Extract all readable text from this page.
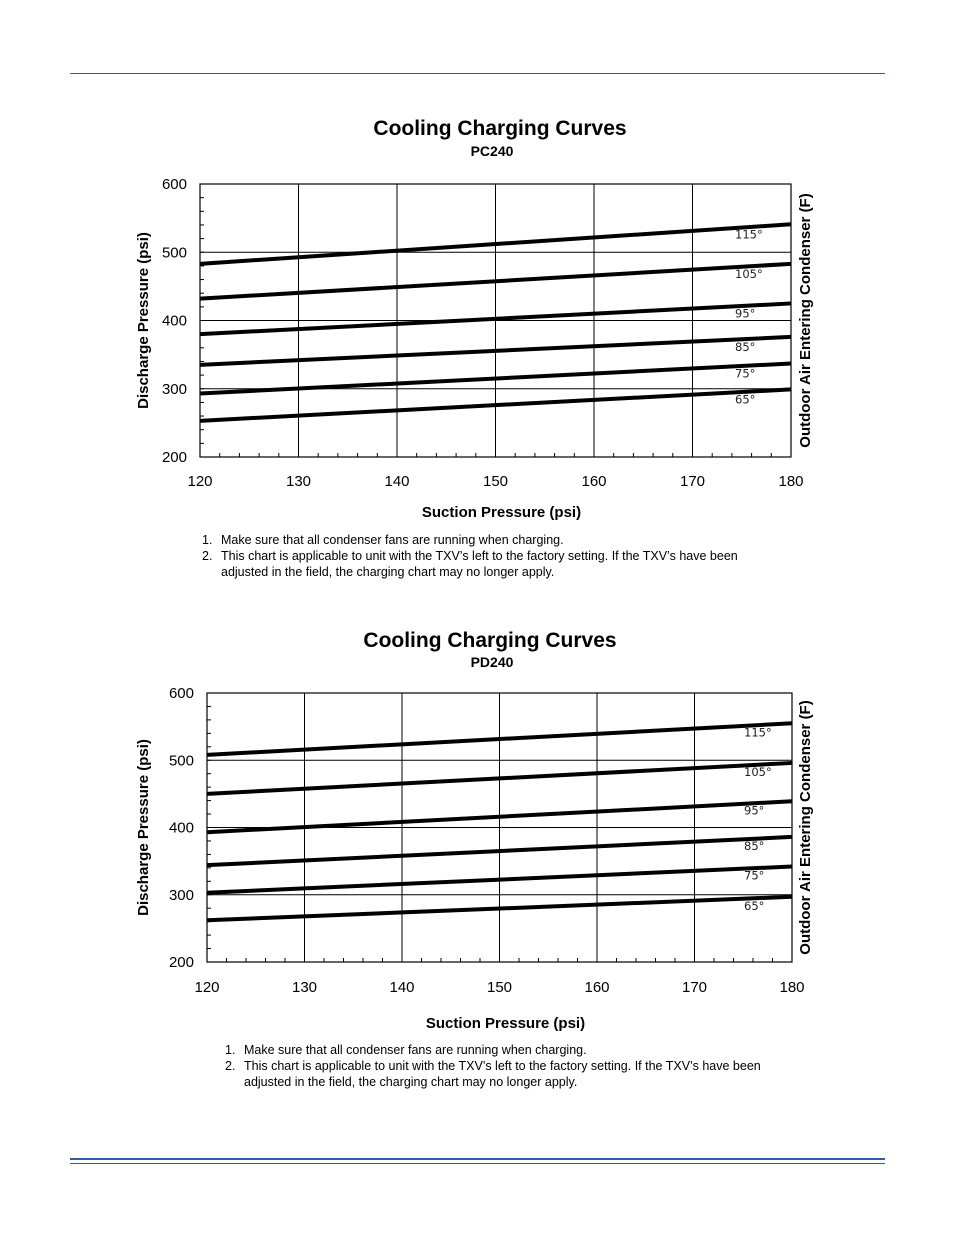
Cooling Charging Curves
PC240
120	130	140	150	160	170	180
200
300
400
500
600
115°
105°
95°
85°
75°
65°
Suction Pressure (psi)
Discharge Pressure (psi)	Outdoor Air Entering Condenser (F)
1. Make sure that all condenser fans are running when charging.
2. This chart is applicable to unit with the TXV’s left to the factory setting. If the TXV’s have been adjusted in the field, the charging chart may no longer apply.
Cooling Charging Curves
PD240
120	130	140	150	160	170	180
200
300
400
500
600
115°
105°
95°
85°
75°
65°
Suction Pressure (psi)
Discharge Pressure (psi)	Outdoor Air Entering Condenser (F)
1. Make sure that all condenser fans are running when charging.
2. This chart is applicable to unit with the TXV’s left to the factory setting. If the TXV’s have been adjusted in the field, the charging chart may no longer apply.
